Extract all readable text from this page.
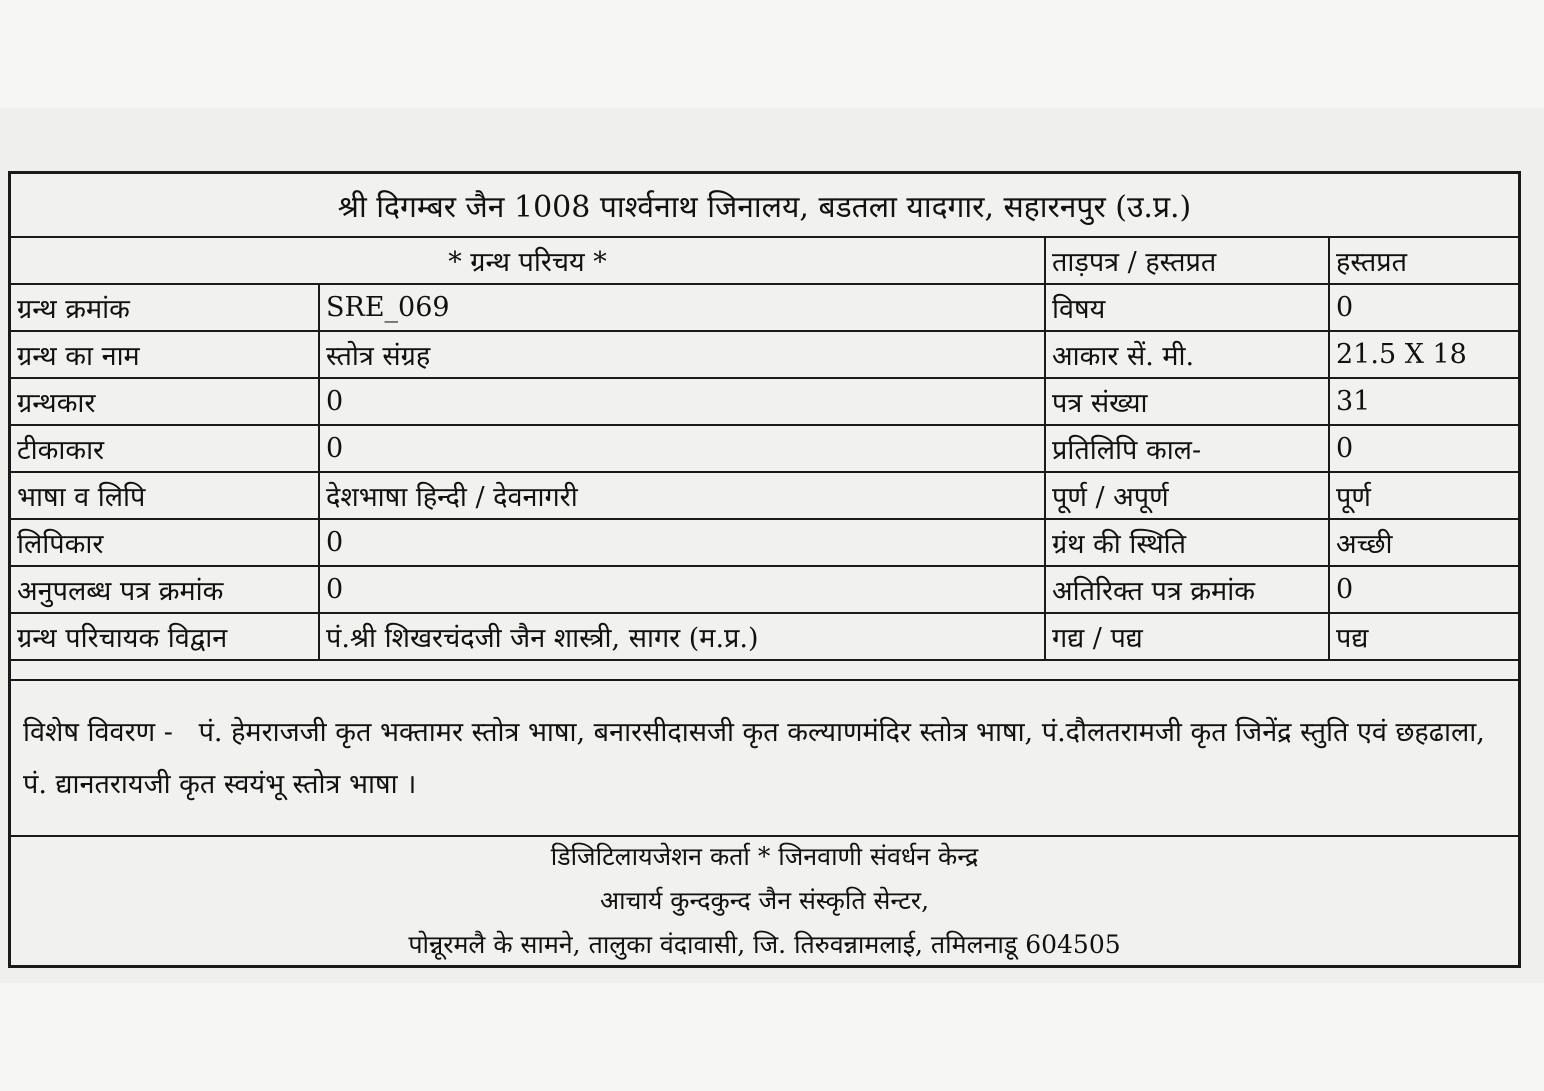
श्री दिगम्बर जैन 1008 पार्श्वनाथ जिनालय, बडतला यादगार, सहारनपुर (उ.प्र.)
* ग्रन्थ परिचय *		ताड़पत्र / हस्तप्रत	हस्तप्रत
ग्रन्थ क्रमांक	SRE_069	विषय	0
ग्रन्थ का नाम	स्तोत्र संग्रह	आकार सें. मी.	21.5 X 18
ग्रन्थकार	0	पत्र संख्या	31
टीकाकार	0	प्रतिलिपि काल-	0
भाषा व लिपि	देशभाषा हिन्दी / देवनागरी	पूर्ण / अपूर्ण	पूर्ण
लिपिकार	0	ग्रंथ की स्थिति	अच्छी
अनुपलब्ध पत्र क्रमांक	0	अतिरिक्त पत्र क्रमांक	0
ग्रन्थ परिचायक विद्वान	पं.श्री शिखरचंदजी जैन शास्त्री, सागर (म.प्र.)	गद्य / पद्य	पद्य
विशेष विवरण - पं. हेमराजजी कृत भक्तामर स्तोत्र भाषा, बनारसीदासजी कृत कल्याणमंदिर स्तोत्र भाषा, पं.दौलतरामजी कृत जिनेंद्र स्तुति एवं छहढाला, पं. द्यानतरायजी कृत स्वयंभू स्तोत्र भाषा ।
डिजिटिलायजेशन कर्ता * जिनवाणी संवर्धन केन्द्र
आचार्य कुन्दकुन्द जैन संस्कृति सेन्टर,
पोन्नूरमलै के सामने, तालुका वंदावासी, जि. तिरुवन्नामलाई, तमिलनाडू 604505
